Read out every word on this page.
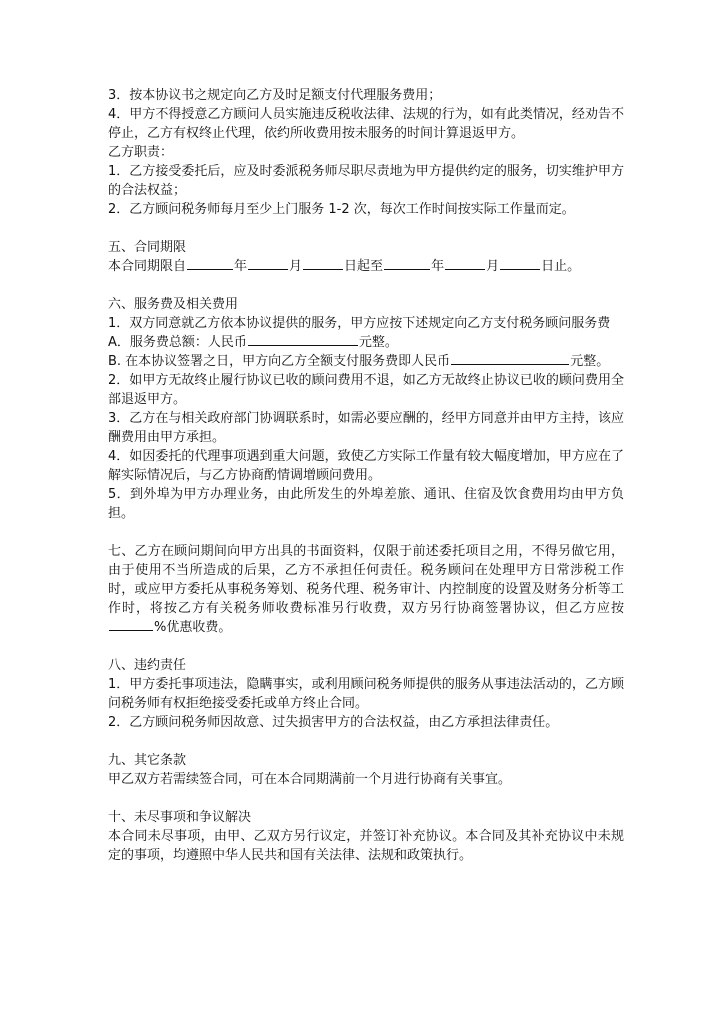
3．按本协议书之规定向乙方及时足额支付代理服务费用；

4．甲方不得授意乙方顾问人员实施违反税收法律、法规的行为，如有此类情况，经劝告不停止，乙方有权终止代理，依约所收费用按未服务的时间计算退返甲方。

乙方职责：

1．乙方接受委托后，应及时委派税务师尽职尽责地为甲方提供约定的服务，切实维护甲方的合法权益；

2．乙方顾问税务师每月至少上门服务 1-2 次，每次工作时间按实际工作量而定。

五、合同期限

本合同期限自	年	月	日起至	年	月	日止。

六、服务费及相关费用

1．双方同意就乙方依本协议提供的服务，甲方应按下述规定向乙方支付税务顾问服务费

A．服务费总额：人民币	元整。

B. 在本协议签署之日，甲方向乙方全额支付服务费即人民币	元整。

2．如甲方无故终止履行协议已收的顾问费用不退，如乙方无故终止协议已收的顾问费用全部退返甲方。

3．乙方在与相关政府部门协调联系时，如需必要应酬的，经甲方同意并由甲方主持，该应酬费用由甲方承担。

4．如因委托的代理事项遇到重大问题，致使乙方实际工作量有较大幅度增加，甲方应在了解实际情况后，与乙方协商酌情调增顾问费用。

5．到外埠为甲方办理业务，由此所发生的外埠差旅、通讯、住宿及饮食费用均由甲方负担。

七、乙方在顾问期间向甲方出具的书面资料，仅限于前述委托项目之用，不得另做它用，由于使用不当所造成的后果，乙方不承担任何责任。税务顾问在处理甲方日常涉税工作时，或应甲方委托从事税务筹划、税务代理、税务审计、内控制度的设置及财务分析等工作时，将按乙方有关税务师收费标准另行收费，双方另行协商签署协议，但乙方应按%优惠收费。

八、违约责任

1．甲方委托事项违法，隐瞒事实，或利用顾问税务师提供的服务从事违法活动的，乙方顾问税务师有权拒绝接受委托或单方终止合同。

2．乙方顾问税务师因故意、过失损害甲方的合法权益，由乙方承担法律责任。

九、其它条款

甲乙双方若需续签合同，可在本合同期满前一个月进行协商有关事宜。

十、未尽事项和争议解决

本合同未尽事项，由甲、乙双方另行议定，并签订补充协议。本合同及其补充协议中未规定的事项，均遵照中华人民共和国有关法律、法规和政策执行。
